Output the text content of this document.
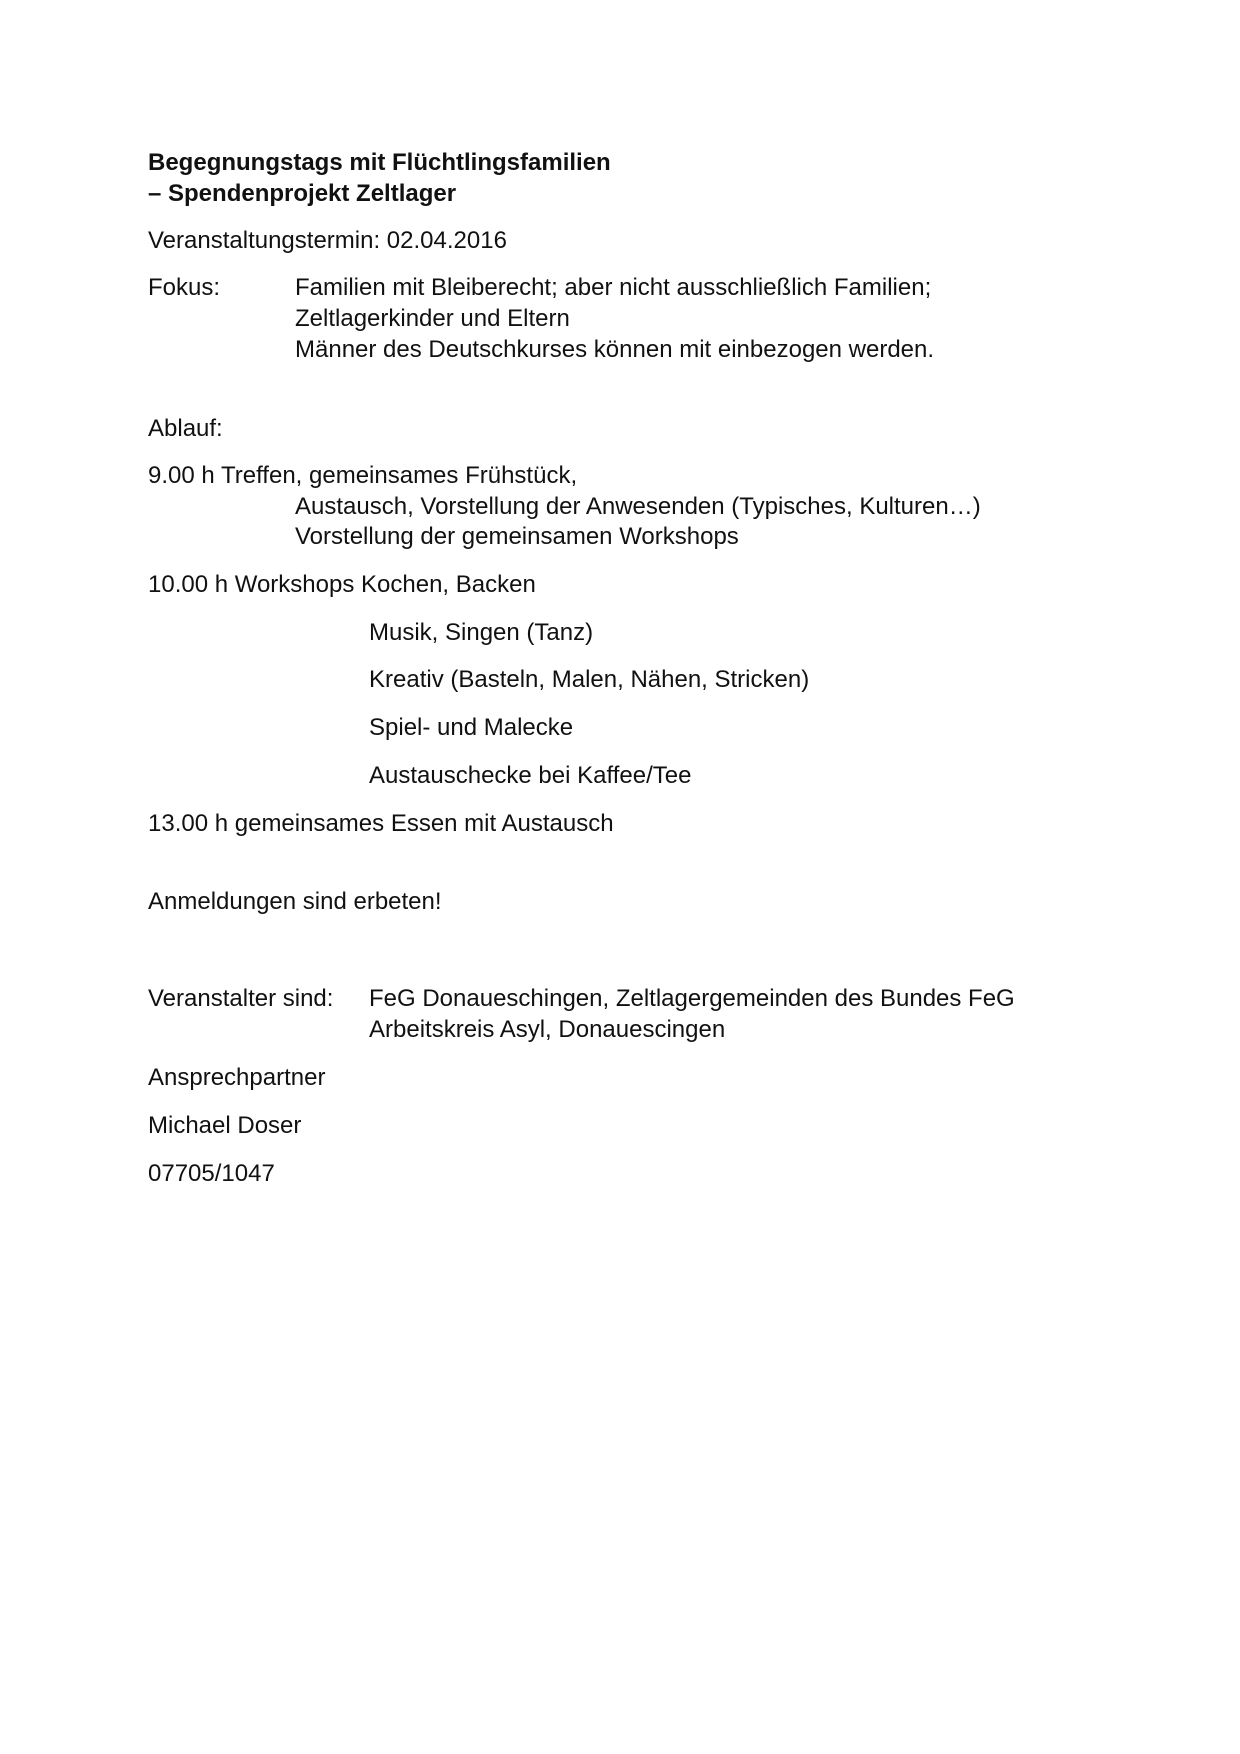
Begegnungstags mit Flüchtlingsfamilien
– Spendenprojekt Zeltlager
Veranstaltungstermin: 02.04.2016
Fokus:	Familien mit Bleiberecht; aber nicht ausschließlich Familien;
Zeltlagerkinder und Eltern
Männer des Deutschkurses können mit einbezogen werden.
Ablauf:
9.00 h Treffen, gemeinsames Frühstück,
Austausch, Vorstellung der Anwesenden (Typisches, Kulturen…)
Vorstellung der gemeinsamen Workshops
10.00 h Workshops Kochen, Backen
Musik, Singen (Tanz)
Kreativ (Basteln, Malen, Nähen, Stricken)
Spiel- und Malecke
Austauschecke bei Kaffee/Tee
13.00 h gemeinsames Essen mit Austausch
Anmeldungen sind erbeten!
Veranstalter sind: FeG Donaueschingen, Zeltlagergemeinden des Bundes FeG
Arbeitskreis Asyl, Donauescingen
Ansprechpartner
Michael Doser
07705/1047
